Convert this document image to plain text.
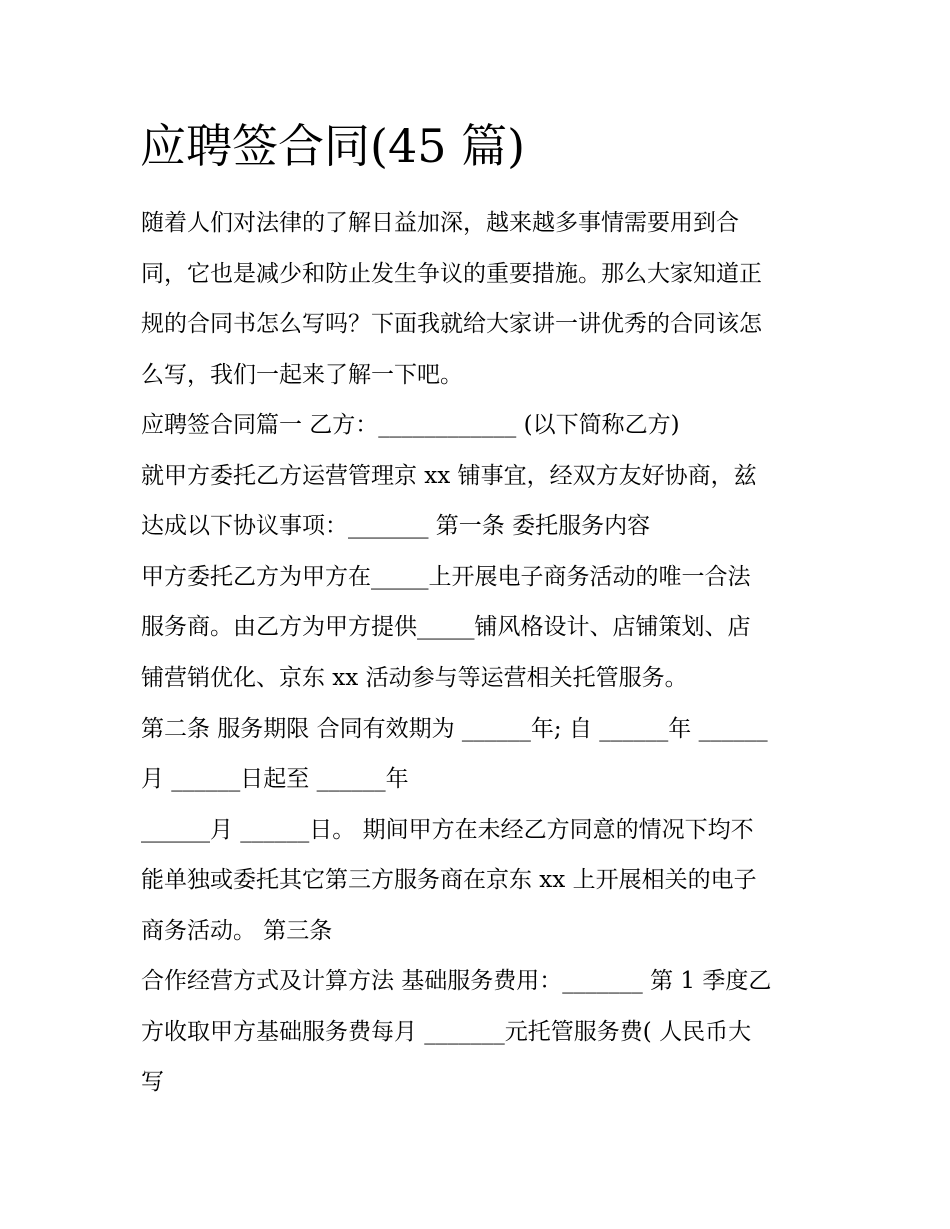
应聘签合同(45 篇)

随着人们对法律的了解日益加深，越来越多事情需要用到合

同，它也是减少和防止发生争议的重要措施。那么大家知道正

规的合同书怎么写吗？下面我就给大家讲一讲优秀的合同该怎

么写，我们一起来了解一下吧。

应聘签合同篇一 乙方：____________ (以下简称乙方)

就甲方委托乙方运营管理京 xx 铺事宜，经双方友好协商，兹

达成以下协议事项：_______ 第一条 委托服务内容

甲方委托乙方为甲方在_____上开展电子商务活动的唯一合法

服务商。由乙方为甲方提供_____铺风格设计、店铺策划、店

铺营销优化、京东 xx 活动参与等运营相关托管服务。

第二条 服务期限 合同有效期为 ______年; 自 ______年 ______

月 ______日起至 ______年

______月 ______日。 期间甲方在未经乙方同意的情况下均不

能单独或委托其它第三方服务商在京东 xx 上开展相关的电子

商务活动。 第三条

合作经营方式及计算方法 基础服务费用：_______ 第 1 季度乙

方收取甲方基础服务费每月 _______元托管服务费( 人民币大

写
